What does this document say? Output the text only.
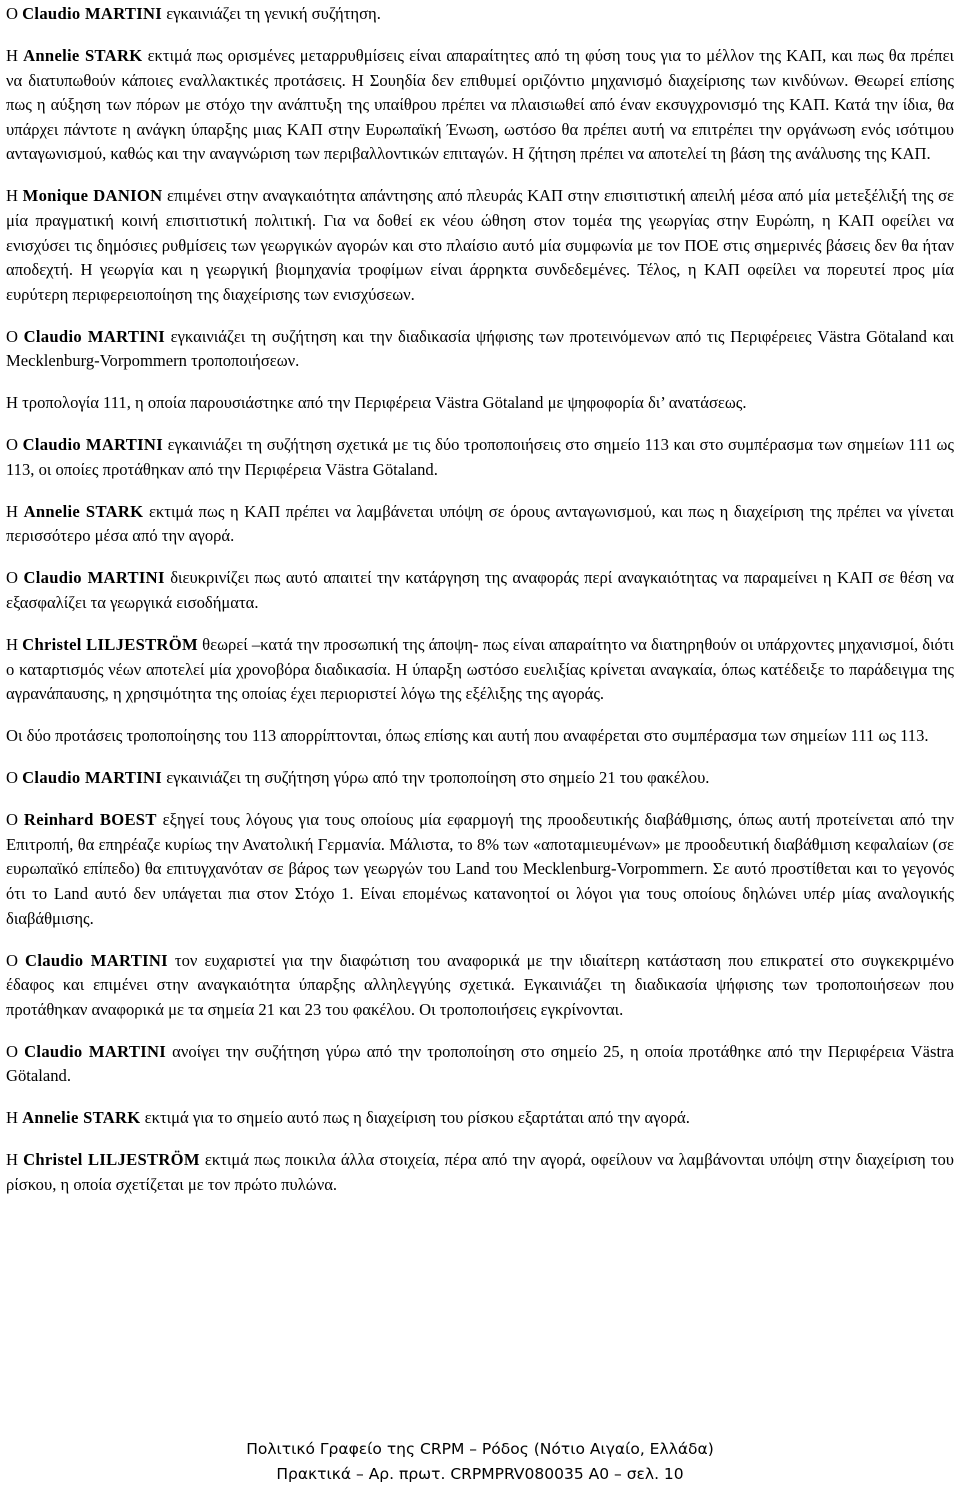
Ο Claudio MARTINI εγκαινιάζει τη γενική συζήτηση.

Η Annelie STARK εκτιμά πως ορισμένες μεταρρυθμίσεις είναι απαραίτητες από τη φύση τους για το μέλλον της ΚΑΠ, και πως θα πρέπει να διατυπωθούν κάποιες εναλλακτικές προτάσεις. Η Σουηδία δεν επιθυμεί οριζόντιο μηχανισμό διαχείρισης των κινδύνων. Θεωρεί επίσης πως η αύξηση των πόρων με στόχο την ανάπτυξη της υπαίθρου πρέπει να πλαισιωθεί από έναν εκσυγχρονισμό της ΚΑΠ. Κατά την ίδια, θα υπάρχει πάντοτε η ανάγκη ύπαρξης μιας ΚΑΠ στην Ευρωπαϊκή Ένωση, ωστόσο θα πρέπει αυτή να επιτρέπει την οργάνωση ενός ισότιμου ανταγωνισμού, καθώς και την αναγνώριση των περιβαλλοντικών επιταγών. Η ζήτηση πρέπει να αποτελεί τη βάση της ανάλυσης της ΚΑΠ.

Η Monique DANION επιμένει στην αναγκαιότητα απάντησης από πλευράς ΚΑΠ στην επισιτιστική απειλή μέσα από μία μετεξέλιξή της σε μία πραγματική κοινή επισιτιστική πολιτική. Για να δοθεί εκ νέου ώθηση στον τομέα της γεωργίας στην Ευρώπη, η ΚΑΠ οφείλει να ενισχύσει τις δημόσιες ρυθμίσεις των γεωργικών αγορών και στο πλαίσιο αυτό μία συμφωνία με τον ΠΟΕ στις σημερινές βάσεις δεν θα ήταν αποδεχτή. Η γεωργία και η γεωργική βιομηχανία τροφίμων είναι άρρηκτα συνδεδεμένες. Τέλος, η ΚΑΠ οφείλει να πορευτεί προς μία ευρύτερη περιφερειοποίηση της διαχείρισης των ενισχύσεων.

Ο Claudio MARTINI εγκαινιάζει τη συζήτηση και την διαδικασία ψήφισης των προτεινόμενων από τις Περιφέρειες Västra Götaland και Mecklenburg-Vorpommern τροποποιήσεων.

Η τροπολογία 111, η οποία παρουσιάστηκε από την Περιφέρεια Västra Götaland με ψηφοφορία δι’ ανατάσεως.

Ο Claudio MARTINI εγκαινιάζει τη συζήτηση σχετικά με τις δύο τροποποιήσεις στο σημείο 113 και στο συμπέρασμα των σημείων 111 ως 113, οι οποίες προτάθηκαν από την Περιφέρεια Västra Götaland.

Η Annelie STARK εκτιμά πως η ΚΑΠ πρέπει να λαμβάνεται υπόψη σε όρους ανταγωνισμού, και πως η διαχείριση της πρέπει να γίνεται περισσότερο μέσα από την αγορά.

Ο Claudio MARTINI διευκρινίζει πως αυτό απαιτεί την κατάργηση της αναφοράς περί αναγκαιότητας να παραμείνει η ΚΑΠ σε θέση να εξασφαλίζει τα γεωργικά εισοδήματα.

Η Christel LILJESTRÖM θεωρεί –κατά την προσωπική της άποψη- πως είναι απαραίτητο να διατηρηθούν οι υπάρχοντες μηχανισμοί, διότι ο καταρτισμός νέων αποτελεί μία χρονοβόρα διαδικασία. Η ύπαρξη ωστόσο ευελιξίας κρίνεται αναγκαία, όπως κατέδειξε το παράδειγμα της αγρανάπαυσης, η χρησιμότητα της οποίας έχει περιοριστεί λόγω της εξέλιξης της αγοράς.

Οι δύο προτάσεις τροποποίησης του 113 απορρίπτονται, όπως επίσης και αυτή που αναφέρεται στο συμπέρασμα των σημείων 111 ως 113.

Ο Claudio MARTINI εγκαινιάζει τη συζήτηση γύρω από την τροποποίηση στο σημείο 21 του φακέλου.

Ο Reinhard BOEST εξηγεί τους λόγους για τους οποίους μία εφαρμογή της προοδευτικής διαβάθμισης, όπως αυτή προτείνεται από την Επιτροπή, θα επηρέαζε κυρίως την Ανατολική Γερμανία. Μάλιστα, το 8% των «αποταμιευμένων» με προοδευτική διαβάθμιση κεφαλαίων (σε ευρωπαϊκό επίπεδο) θα επιτυγχανόταν σε βάρος των γεωργών του Land του Mecklenburg-Vorpommern. Σε αυτό προστίθεται και το γεγονός ότι το Land αυτό δεν υπάγεται πια στον Στόχο 1. Είναι επομένως κατανοητοί οι λόγοι για τους οποίους δηλώνει υπέρ μίας αναλογικής διαβάθμισης.

Ο Claudio MARTINI τον ευχαριστεί για την διαφώτιση του αναφορικά με την ιδιαίτερη κατάσταση που επικρατεί στο συγκεκριμένο έδαφος και επιμένει στην αναγκαιότητα ύπαρξης αλληλεγγύης σχετικά. Εγκαινιάζει τη διαδικασία ψήφισης των τροποποιήσεων που προτάθηκαν αναφορικά με τα σημεία 21 και 23 του φακέλου. Οι τροποποιήσεις εγκρίνονται.

Ο Claudio MARTINI ανοίγει την συζήτηση γύρω από την τροποποίηση στο σημείο 25, η οποία προτάθηκε από την Περιφέρεια Västra Götaland.

Η Annelie STARK εκτιμά για το σημείο αυτό πως η διαχείριση του ρίσκου εξαρτάται από την αγορά.

Η Christel LILJESTRÖM εκτιμά πως ποικιλα άλλα στοιχεία, πέρα από την αγορά, οφείλουν να λαμβάνονται υπόψη στην διαχείριση του ρίσκου, η οποία σχετίζεται με τον πρώτο πυλώνα.

Πολιτικό Γραφείο της CRPM – Ρόδος (Νότιο Αιγαίο, Ελλάδα)
Πρακτικά – Αρ. πρωτ. CRPMPRV080035 A0 – σελ. 10
